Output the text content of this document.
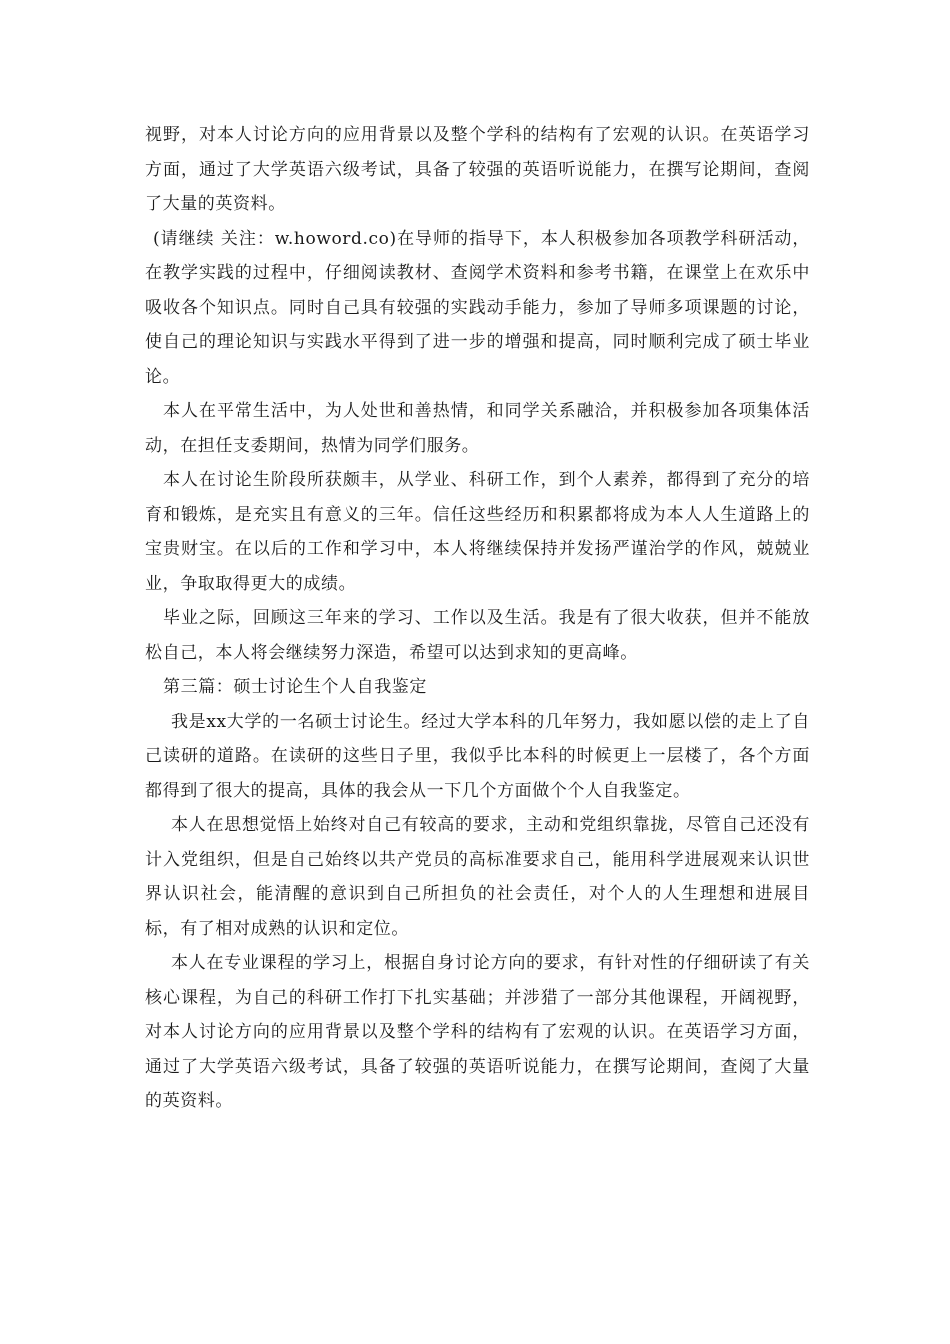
视野，对本人讨论方向的应用背景以及整个学科的结构有了宏观的认识。在英语学习方面，通过了大学英语六级考试，具备了较强的英语听说能力，在撰写论期间，查阅了大量的英资料。

(请继续 关注：w.howord.co)在导师的指导下，本人积极参加各项教学科研活动，在教学实践的过程中，仔细阅读教材、查阅学术资料和参考书籍，在课堂上在欢乐中吸收各个知识点。同时自己具有较强的实践动手能力，参加了导师多项课题的讨论，使自己的理论知识与实践水平得到了进一步的增强和提高，同时顺利完成了硕士毕业论。

本人在平常生活中，为人处世和善热情，和同学关系融洽，并积极参加各项集体活动，在担任支委期间，热情为同学们服务。

本人在讨论生阶段所获颇丰，从学业、科研工作，到个人素养，都得到了充分的培育和锻炼，是充实且有意义的三年。信任这些经历和积累都将成为本人人生道路上的宝贵财宝。在以后的工作和学习中，本人将继续保持并发扬严谨治学的作风，兢兢业业，争取取得更大的成绩。

毕业之际，回顾这三年来的学习、工作以及生活。我是有了很大收获，但并不能放松自己，本人将会继续努力深造，希望可以达到求知的更高峰。

第三篇：硕士讨论生个人自我鉴定

我是xx大学的一名硕士讨论生。经过大学本科的几年努力，我如愿以偿的走上了自己读研的道路。在读研的这些日子里，我似乎比本科的时候更上一层楼了，各个方面都得到了很大的提高，具体的我会从一下几个方面做个个人自我鉴定。

本人在思想觉悟上始终对自己有较高的要求，主动和党组织靠拢，尽管自己还没有计入党组织，但是自己始终以共产党员的高标准要求自己，能用科学进展观来认识世界认识社会，能清醒的意识到自己所担负的社会责任，对个人的人生理想和进展目标，有了相对成熟的认识和定位。

本人在专业课程的学习上，根据自身讨论方向的要求，有针对性的仔细研读了有关核心课程，为自己的科研工作打下扎实基础；并涉猎了一部分其他课程，开阔视野，对本人讨论方向的应用背景以及整个学科的结构有了宏观的认识。在英语学习方面，通过了大学英语六级考试，具备了较强的英语听说能力，在撰写论期间，查阅了大量的英资料。
